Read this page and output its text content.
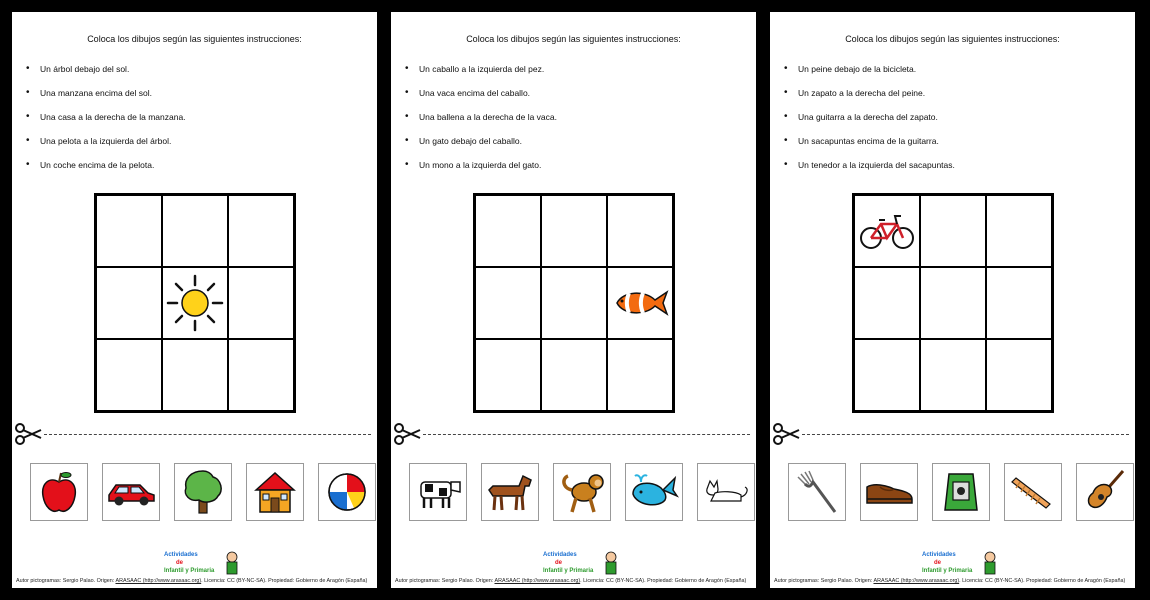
Coloca los dibujos según las siguientes instrucciones:
• Un árbol debajo del sol.
• Una manzana encima del sol.
• Una casa a la derecha de la manzana.
• Una pelota a la izquierda del árbol.
• Un coche encima de la pelota.
Actividades
de
Infantil y Primaria
Autor pictogramas: Sergio Palao. Origen: ARASAAC (http://www.arasaac.org). Licencia: CC (BY-NC-SA). Propiedad: Gobierno de Aragón (España)
Coloca los dibujos según las siguientes instrucciones:
• Un caballo a la izquierda del pez.
• Una vaca encima del caballo.
• Una ballena a la derecha de la vaca.
• Un gato debajo del caballo.
• Un mono a la izquierda del gato.
Actividades
de
Infantil y Primaria
Autor pictogramas: Sergio Palao. Origen: ARASAAC (http://www.arasaac.org). Licencia: CC (BY-NC-SA). Propiedad: Gobierno de Aragón (España)
Coloca los dibujos según las siguientes instrucciones:
• Un peine debajo de la bicicleta.
• Un zapato a la derecha del peine.
• Una guitarra a la derecha del zapato.
• Un sacapuntas encima de la guitarra.
• Un tenedor a la izquierda del sacapuntas.
Actividades
de
Infantil y Primaria
Autor pictogramas: Sergio Palao. Origen: ARASAAC (http://www.arasaac.org). Licencia: CC (BY-NC-SA). Propiedad: Gobierno de Aragón (España)
